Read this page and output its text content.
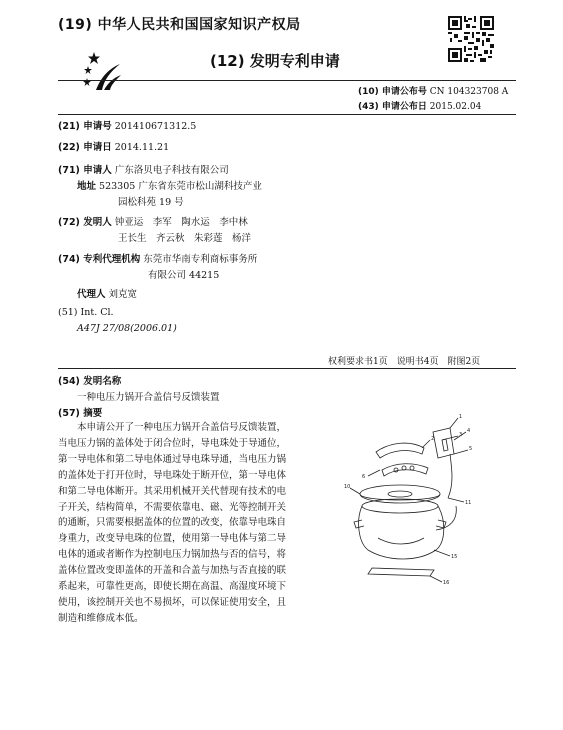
(19) 中华人民共和国国家知识产权局
(12) 发明专利申请
(10) 申请公布号 CN 104323708 A
(43) 申请公布日 2015.02.04
(21) 申请号 201410671312.5
(22) 申请日 2014.11.21
(71) 申请人 广东洛贝电子科技有限公司
地址 523305 广东省东莞市松山湖科技产业
园松科苑 19 号
(72) 发明人 钟亚运　李军　陶水运　李中林
王长生　齐云秋　朱彩莲　杨洋
(74) 专利代理机构 东莞市华南专利商标事务所
有限公司 44215
代理人 刘克宽
(51) Int. Cl.
A47J 27/08(2006.01)
权利要求书1页　说明书4页　附图2页
(54) 发明名称
一种电压力锅开合盖信号反馈装置
(57) 摘要
本申请公开了一种电压力锅开合盖信号反馈装置，当电压力锅的盖体处于闭合位时，导电珠处于导通位，第一导电体和第二导电体通过导电珠导通，当电压力锅的盖体处于打开位时，导电珠处于断开位，第一导电体和第二导电体断开。其采用机械开关代替现有技术的电子开关，结构简单，不需要依靠电、磁、光等控制开关的通断，只需要根据盖体的位置的改变，依靠导电珠自身重力，改变导电珠的位置，使用第一导电体与第二导电体的通或者断作为控制电压力锅加热与否的信号，将盖体位置改变即盖体的开盖和合盖与加热与否直接的联系起来，可靠性更高，即使长期在高温、高湿度环境下使用，该控制开关也不易损坏，可以保证使用安全，且制造和维修成本低。
1
2
3
4
5
6
10
11
15
16
